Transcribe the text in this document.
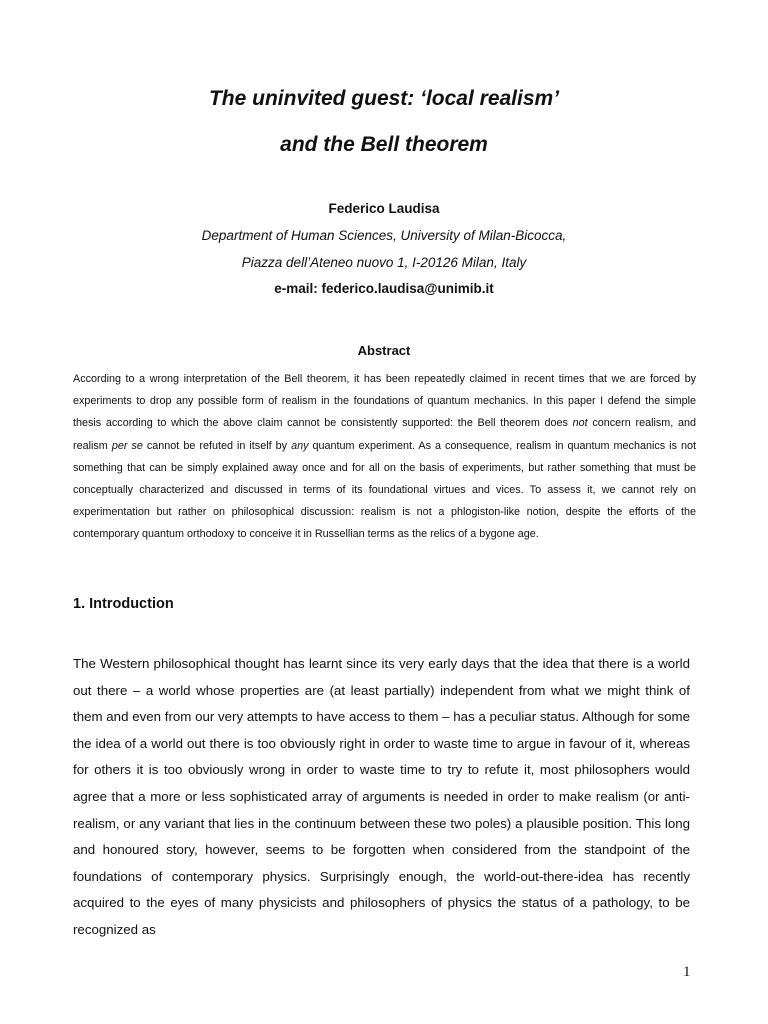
The uninvited guest: ‘local realism’
and the Bell theorem
Federico Laudisa
Department of Human Sciences, University of Milan-Bicocca,
Piazza dell’Ateneo nuovo 1, I-20126 Milan, Italy
e-mail: federico.laudisa@unimib.it
Abstract
According to a wrong interpretation of the Bell theorem, it has been repeatedly claimed in recent times that we are forced by experiments to drop any possible form of realism in the foundations of quantum mechanics. In this paper I defend the simple thesis according to which the above claim cannot be consistently supported: the Bell theorem does not concern realism, and realism per se cannot be refuted in itself by any quantum experiment. As a consequence, realism in quantum mechanics is not something that can be simply explained away once and for all on the basis of experiments, but rather something that must be conceptually characterized and discussed in terms of its foundational virtues and vices. To assess it, we cannot rely on experimentation but rather on philosophical discussion: realism is not a phlogiston-like notion, despite the efforts of the contemporary quantum orthodoxy to conceive it in Russellian terms as the relics of a bygone age.
1. Introduction
The Western philosophical thought has learnt since its very early days that the idea that there is a world out there – a world whose properties are (at least partially) independent from what we might think of them and even from our very attempts to have access to them – has a peculiar status. Although for some the idea of a world out there is too obviously right in order to waste time to argue in favour of it, whereas for others it is too obviously wrong in order to waste time to try to refute it, most philosophers would agree that a more or less sophisticated array of arguments is needed in order to make realism (or anti-realism, or any variant that lies in the continuum between these two poles) a plausible position. This long and honoured story, however, seems to be forgotten when considered from the standpoint of the foundations of contemporary physics. Surprisingly enough, the world-out-there-idea has recently acquired to the eyes of many physicists and philosophers of physics the status of a pathology, to be recognized as
1
